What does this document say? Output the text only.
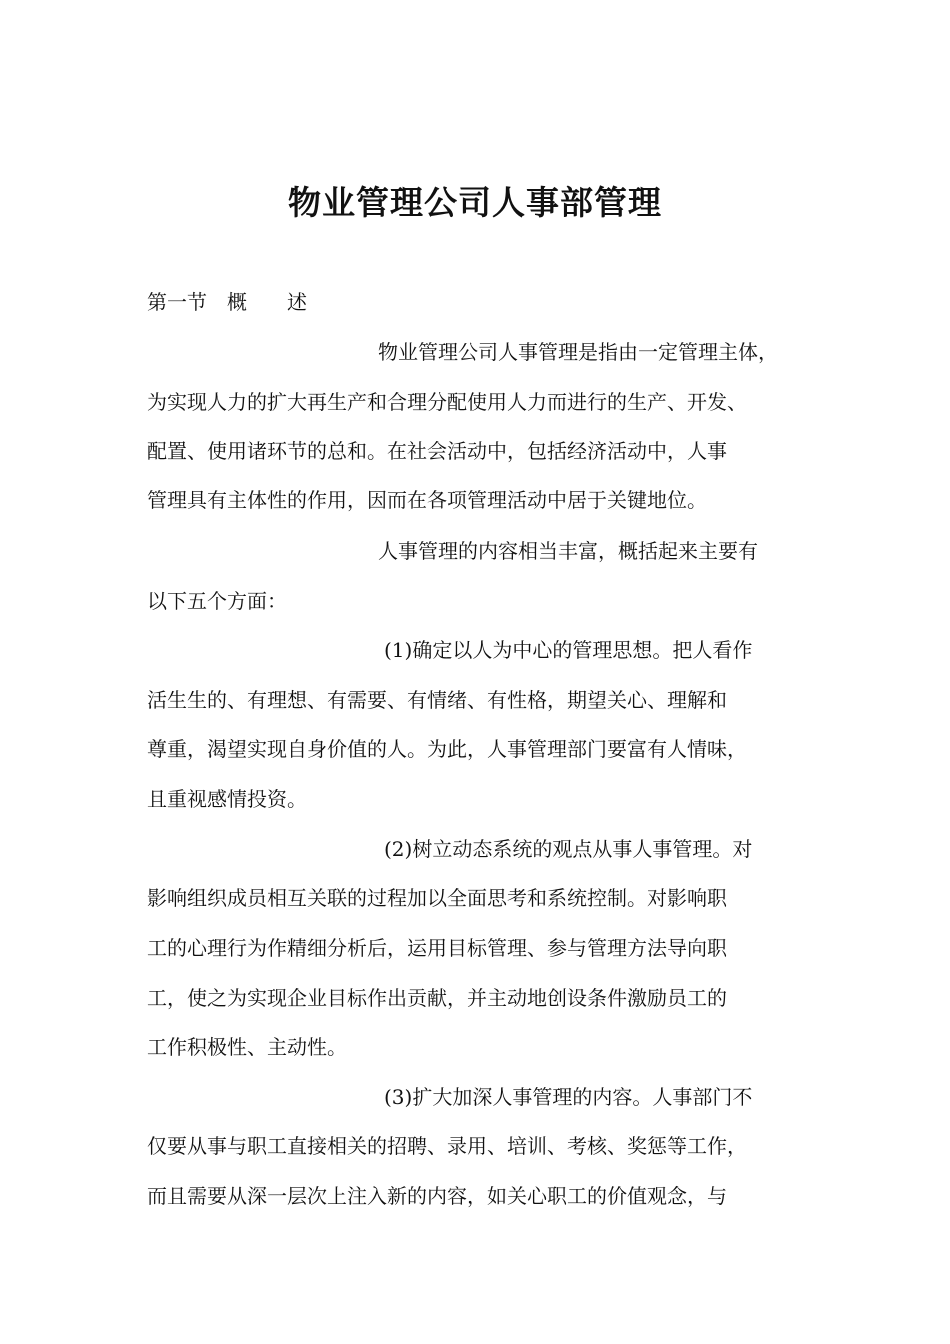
物业管理公司人事部管理
第一节　概　　述
物业管理公司人事管理是指由一定管理主体，
为实现人力的扩大再生产和合理分配使用人力而进行的生产、开发、
配置、使用诸环节的总和。在社会活动中，包括经济活动中，人事
管理具有主体性的作用，因而在各项管理活动中居于关键地位。
人事管理的内容相当丰富，概括起来主要有
以下五个方面：
(1)确定以人为中心的管理思想。把人看作
活生生的、有理想、有需要、有情绪、有性格，期望关心、理解和
尊重，渴望实现自身价值的人。为此，人事管理部门要富有人情味，
且重视感情投资。
(2)树立动态系统的观点从事人事管理。对
影响组织成员相互关联的过程加以全面思考和系统控制。对影响职
工的心理行为作精细分析后，运用目标管理、参与管理方法导向职
工，使之为实现企业目标作出贡献，并主动地创设条件激励员工的
工作积极性、主动性。
(3)扩大加深人事管理的内容。人事部门不
仅要从事与职工直接相关的招聘、录用、培训、考核、奖惩等工作，
而且需要从深一层次上注入新的内容，如关心职工的价值观念，与
